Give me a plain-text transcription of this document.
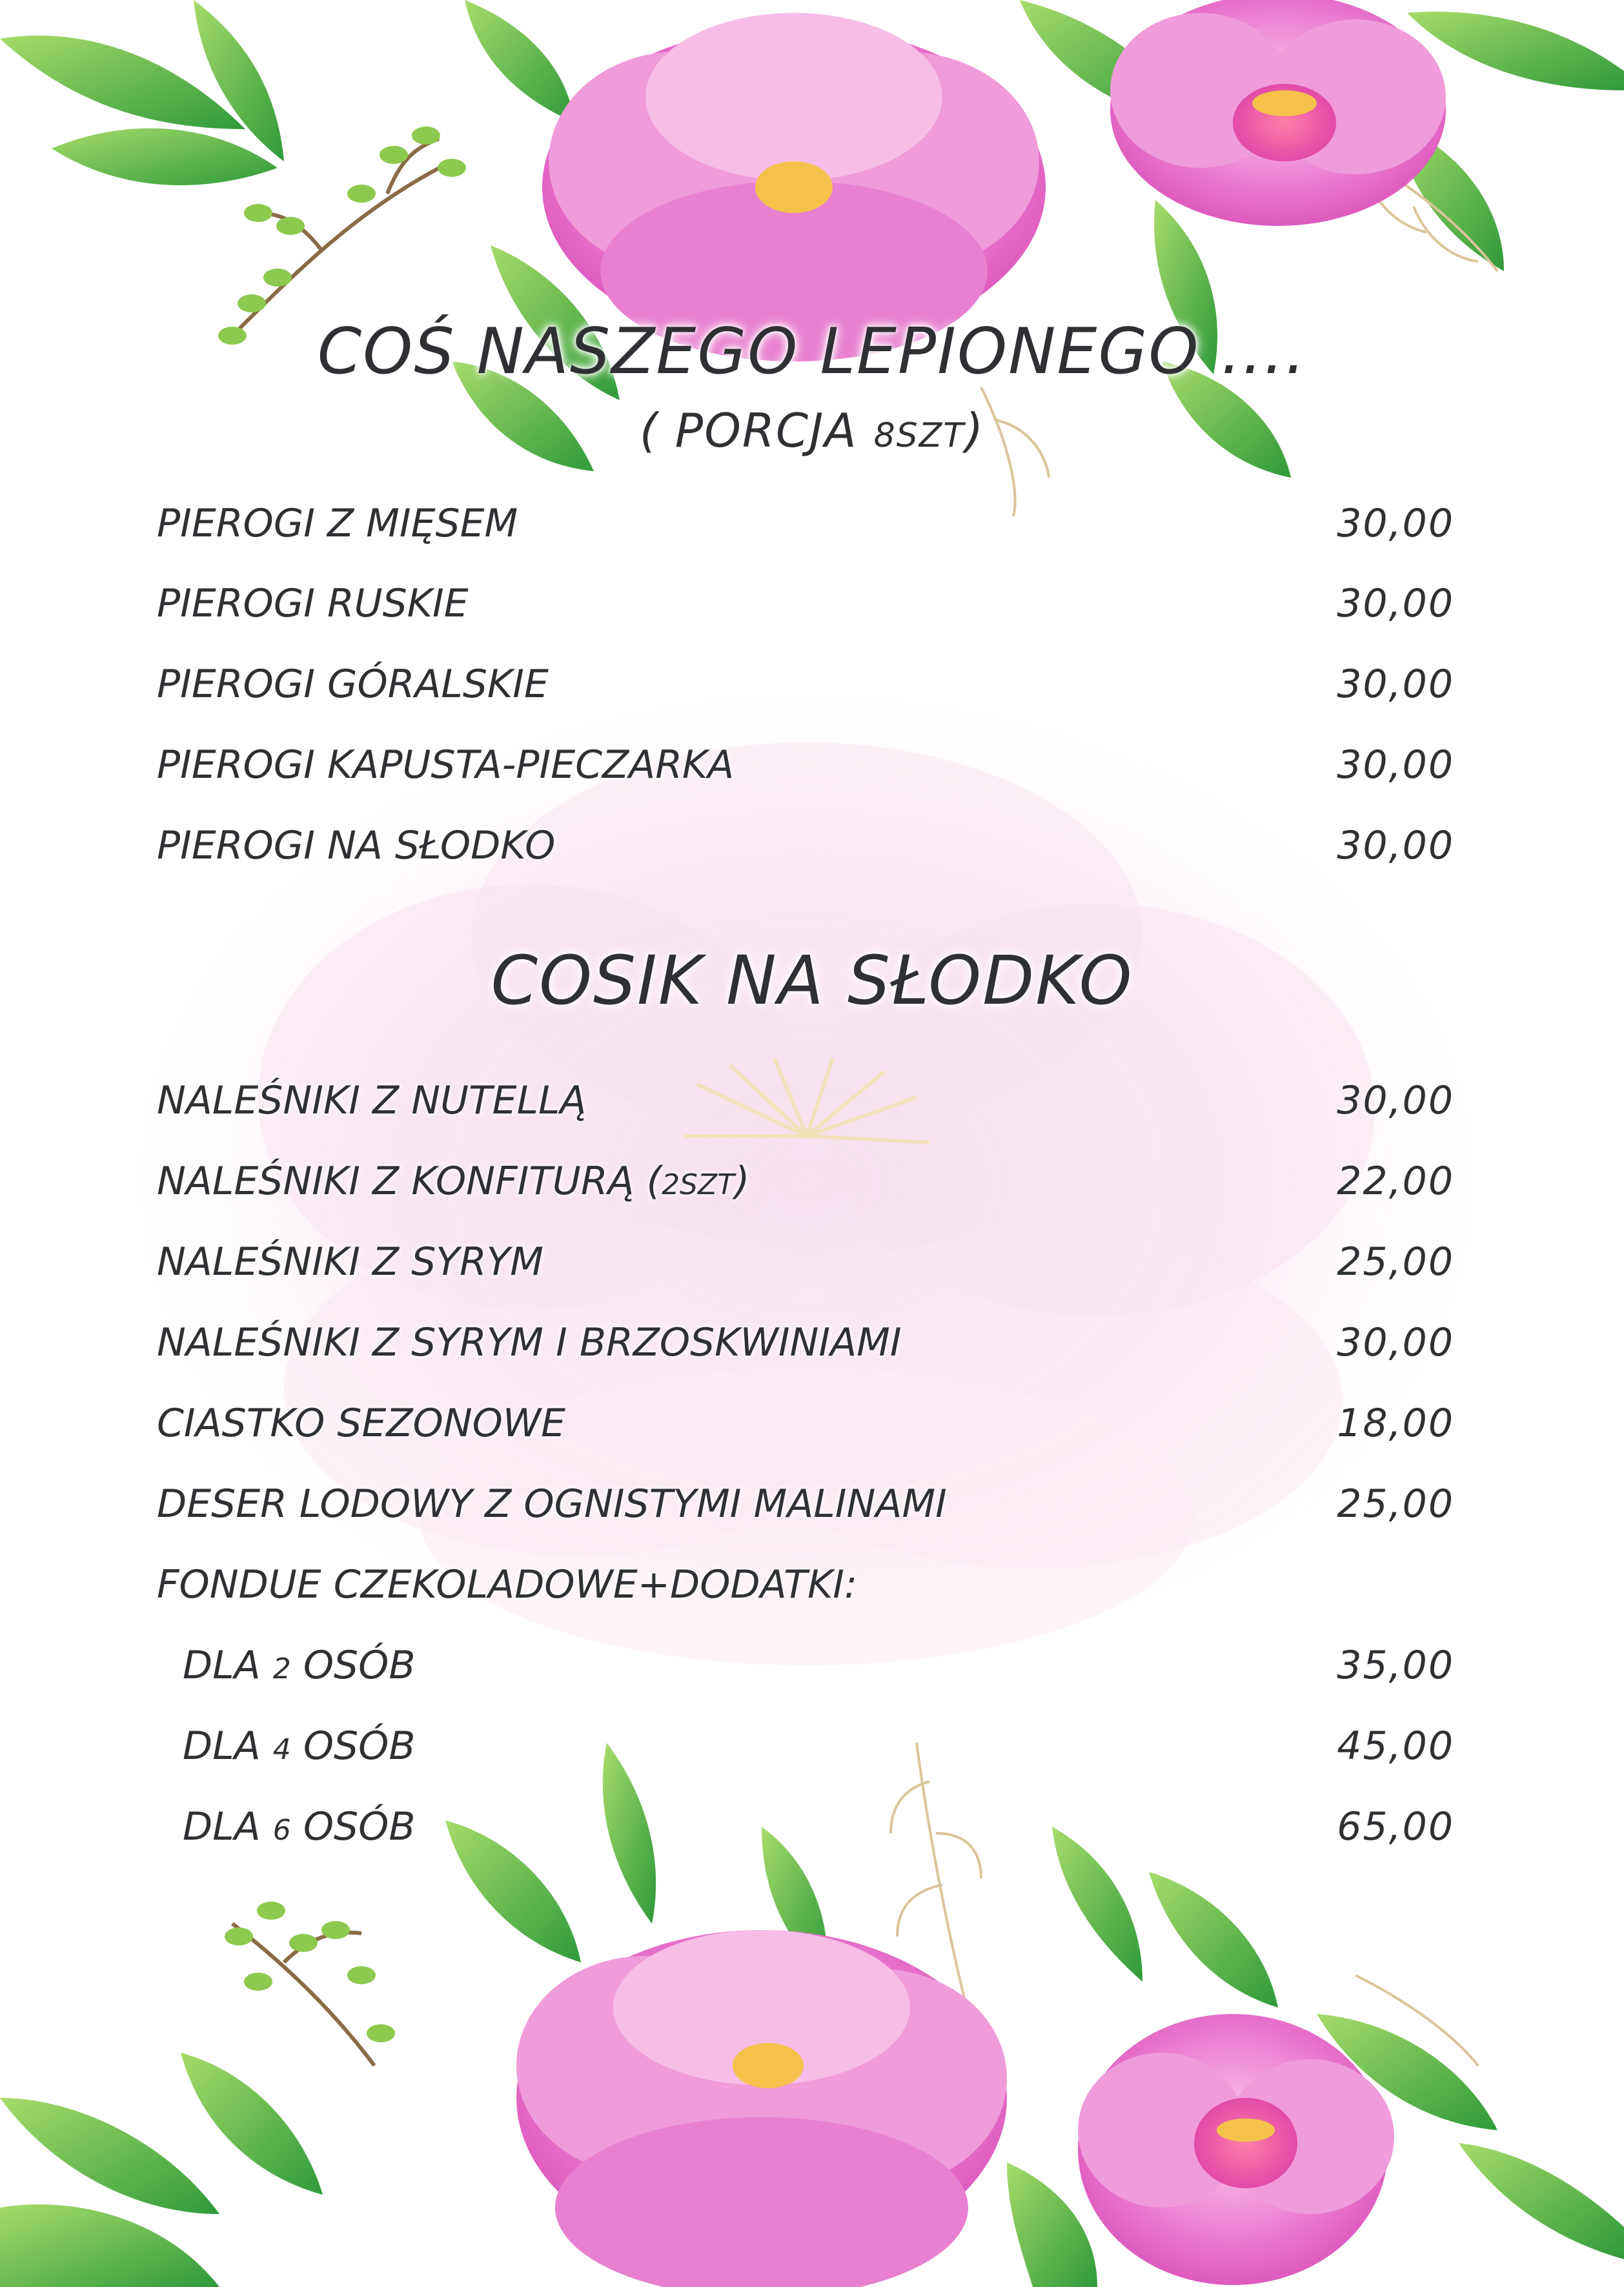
COŚ NASZEGO LEPIONEGO ....
( PORCJA 8SZT)
PIEROGI Z MIĘSEM	30,00
PIEROGI RUSKIE	30,00
PIEROGI GÓRALSKIE	30,00
PIEROGI KAPUSTA-PIECZARKA	30,00
PIEROGI NA SŁODKO	30,00
COSIK NA SŁODKO
NALEŚNIKI Z NUTELLĄ	30,00
NALEŚNIKI Z KONFITURĄ (2SZT)	22,00
NALEŚNIKI Z SYRYM	25,00
NALEŚNIKI Z SYRYM I BRZOSKWINIAMI	30,00
CIASTKO SEZONOWE	18,00
DESER LODOWY Z OGNISTYMI MALINAMI	25,00
FONDUE CZEKOLADOWE+DODATKI:
DLA 2 OSÓB	35,00
DLA 4 OSÓB	45,00
DLA 6 OSÓB	65,00
